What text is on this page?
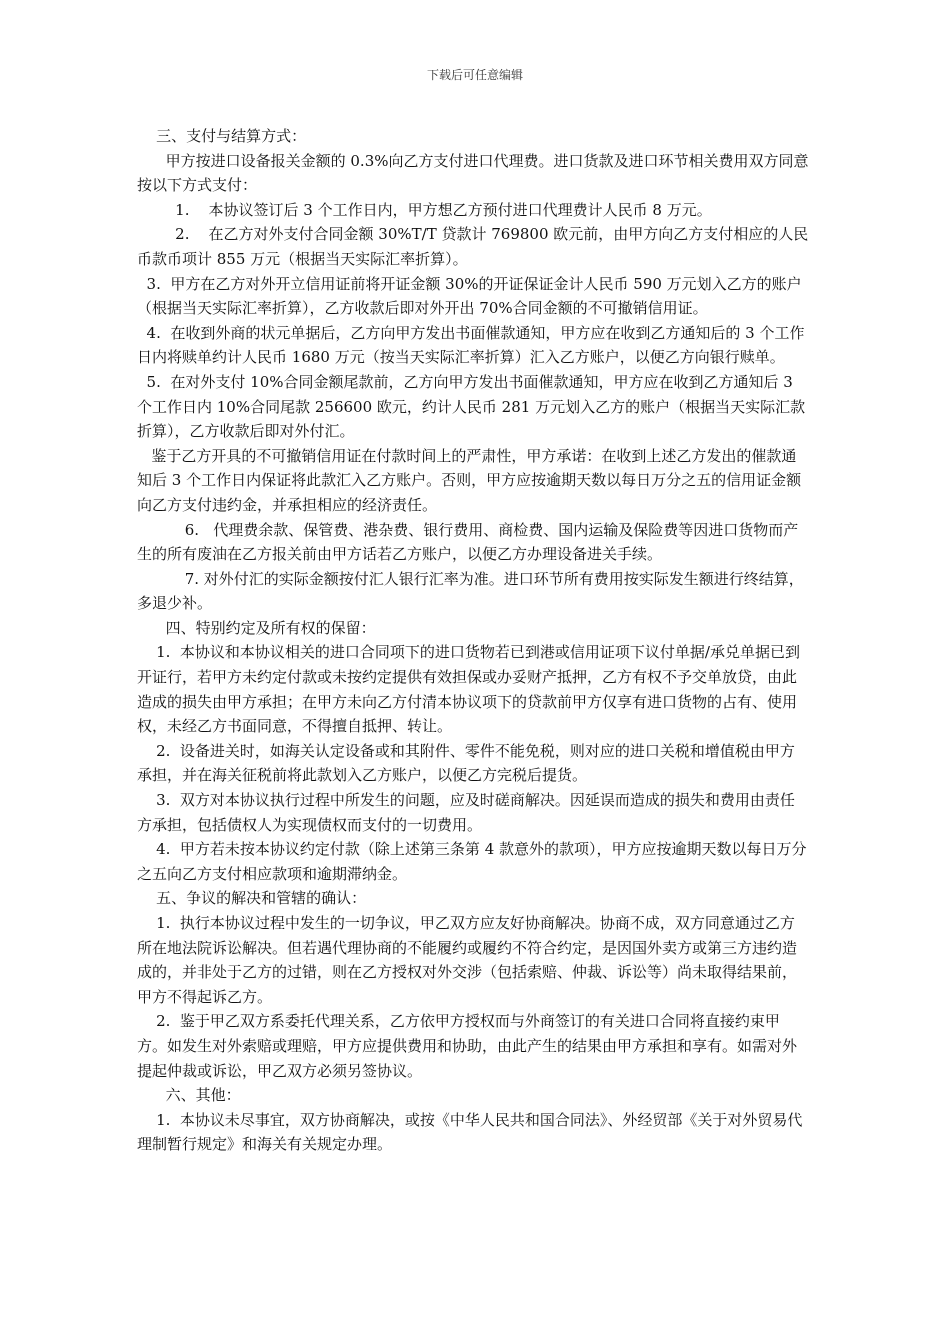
下载后可任意编辑

三、支付与结算方式：

甲方按进口设备报关金额的 0.3%向乙方支付进口代理费。进口货款及进口环节相关费用双方同意按以下方式支付：

1.    本协议签订后 3 个工作日内，甲方想乙方预付进口代理费计人民币 8 万元。

2.    在乙方对外支付合同金额 30%T/T 贷款计 769800 欧元前，由甲方向乙方支付相应的人民币款币项计 855 万元（根据当天实际汇率折算）。

3.  甲方在乙方对外开立信用证前将开证金额 30%的开证保证金计人民币 590 万元划入乙方的账户（根据当天实际汇率折算），乙方收款后即对外开出 70%合同金额的不可撤销信用证。

4.  在收到外商的状元单据后，乙方向甲方发出书面催款通知，甲方应在收到乙方通知后的 3 个工作日内将赎单约计人民币 1680 万元（按当天实际汇率折算）汇入乙方账户，以便乙方向银行赎单。

5.  在对外支付 10%合同金额尾款前，乙方向甲方发出书面催款通知，甲方应在收到乙方通知后 3 个工作日内 10%合同尾款 256600 欧元，约计人民币 281 万元划入乙方的账户（根据当天实际汇款折算），乙方收款后即对外付汇。

鉴于乙方开具的不可撤销信用证在付款时间上的严肃性，甲方承诺：在收到上述乙方发出的催款通知后 3 个工作日内保证将此款汇入乙方账户。否则，甲方应按逾期天数以每日万分之五的信用证金额向乙方支付违约金，并承担相应的经济责任。

6.   代理费余款、保管费、港杂费、银行费用、商检费、国内运输及保险费等因进口货物而产生的所有废油在乙方报关前由甲方话若乙方账户，以便乙方办理设备进关手续。

7. 对外付汇的实际金额按付汇人银行汇率为准。进口环节所有费用按实际发生额进行终结算，多退少补。

四、特别约定及所有权的保留：

1.  本协议和本协议相关的进口合同项下的进口货物若已到港或信用证项下议付单据/承兑单据已到开证行，若甲方未约定付款或未按约定提供有效担保或办妥财产抵押，乙方有权不予交单放贷，由此造成的损失由甲方承担；在甲方未向乙方付清本协议项下的贷款前甲方仅享有进口货物的占有、使用权，未经乙方书面同意，不得擅自抵押、转让。

2.  设备进关时，如海关认定设备或和其附件、零件不能免税，则对应的进口关税和增值税由甲方承担，并在海关征税前将此款划入乙方账户，以便乙方完税后提货。

3.  双方对本协议执行过程中所发生的问题，应及时磋商解决。因延误而造成的损失和费用由责任方承担，包括债权人为实现债权而支付的一切费用。

4.  甲方若未按本协议约定付款（除上述第三条第 4 款意外的款项），甲方应按逾期天数以每日万分之五向乙方支付相应款项和逾期滞纳金。

五、争议的解决和管辖的确认：

1.  执行本协议过程中发生的一切争议，甲乙双方应友好协商解决。协商不成，双方同意通过乙方所在地法院诉讼解决。但若遇代理协商的不能履约或履约不符合约定，是因国外卖方或第三方违约造成的，并非处于乙方的过错，则在乙方授权对外交涉（包括索赔、仲裁、诉讼等）尚未取得结果前，甲方不得起诉乙方。

2.  鉴于甲乙双方系委托代理关系，乙方依甲方授权而与外商签订的有关进口合同将直接约束甲方。如发生对外索赔或理赔，甲方应提供费用和协助，由此产生的结果由甲方承担和享有。如需对外提起仲裁或诉讼，甲乙双方必须另签协议。

六、其他：

1.  本协议未尽事宜，双方协商解决，或按《中华人民共和国合同法》、外经贸部《关于对外贸易代理制暂行规定》和海关有关规定办理。
